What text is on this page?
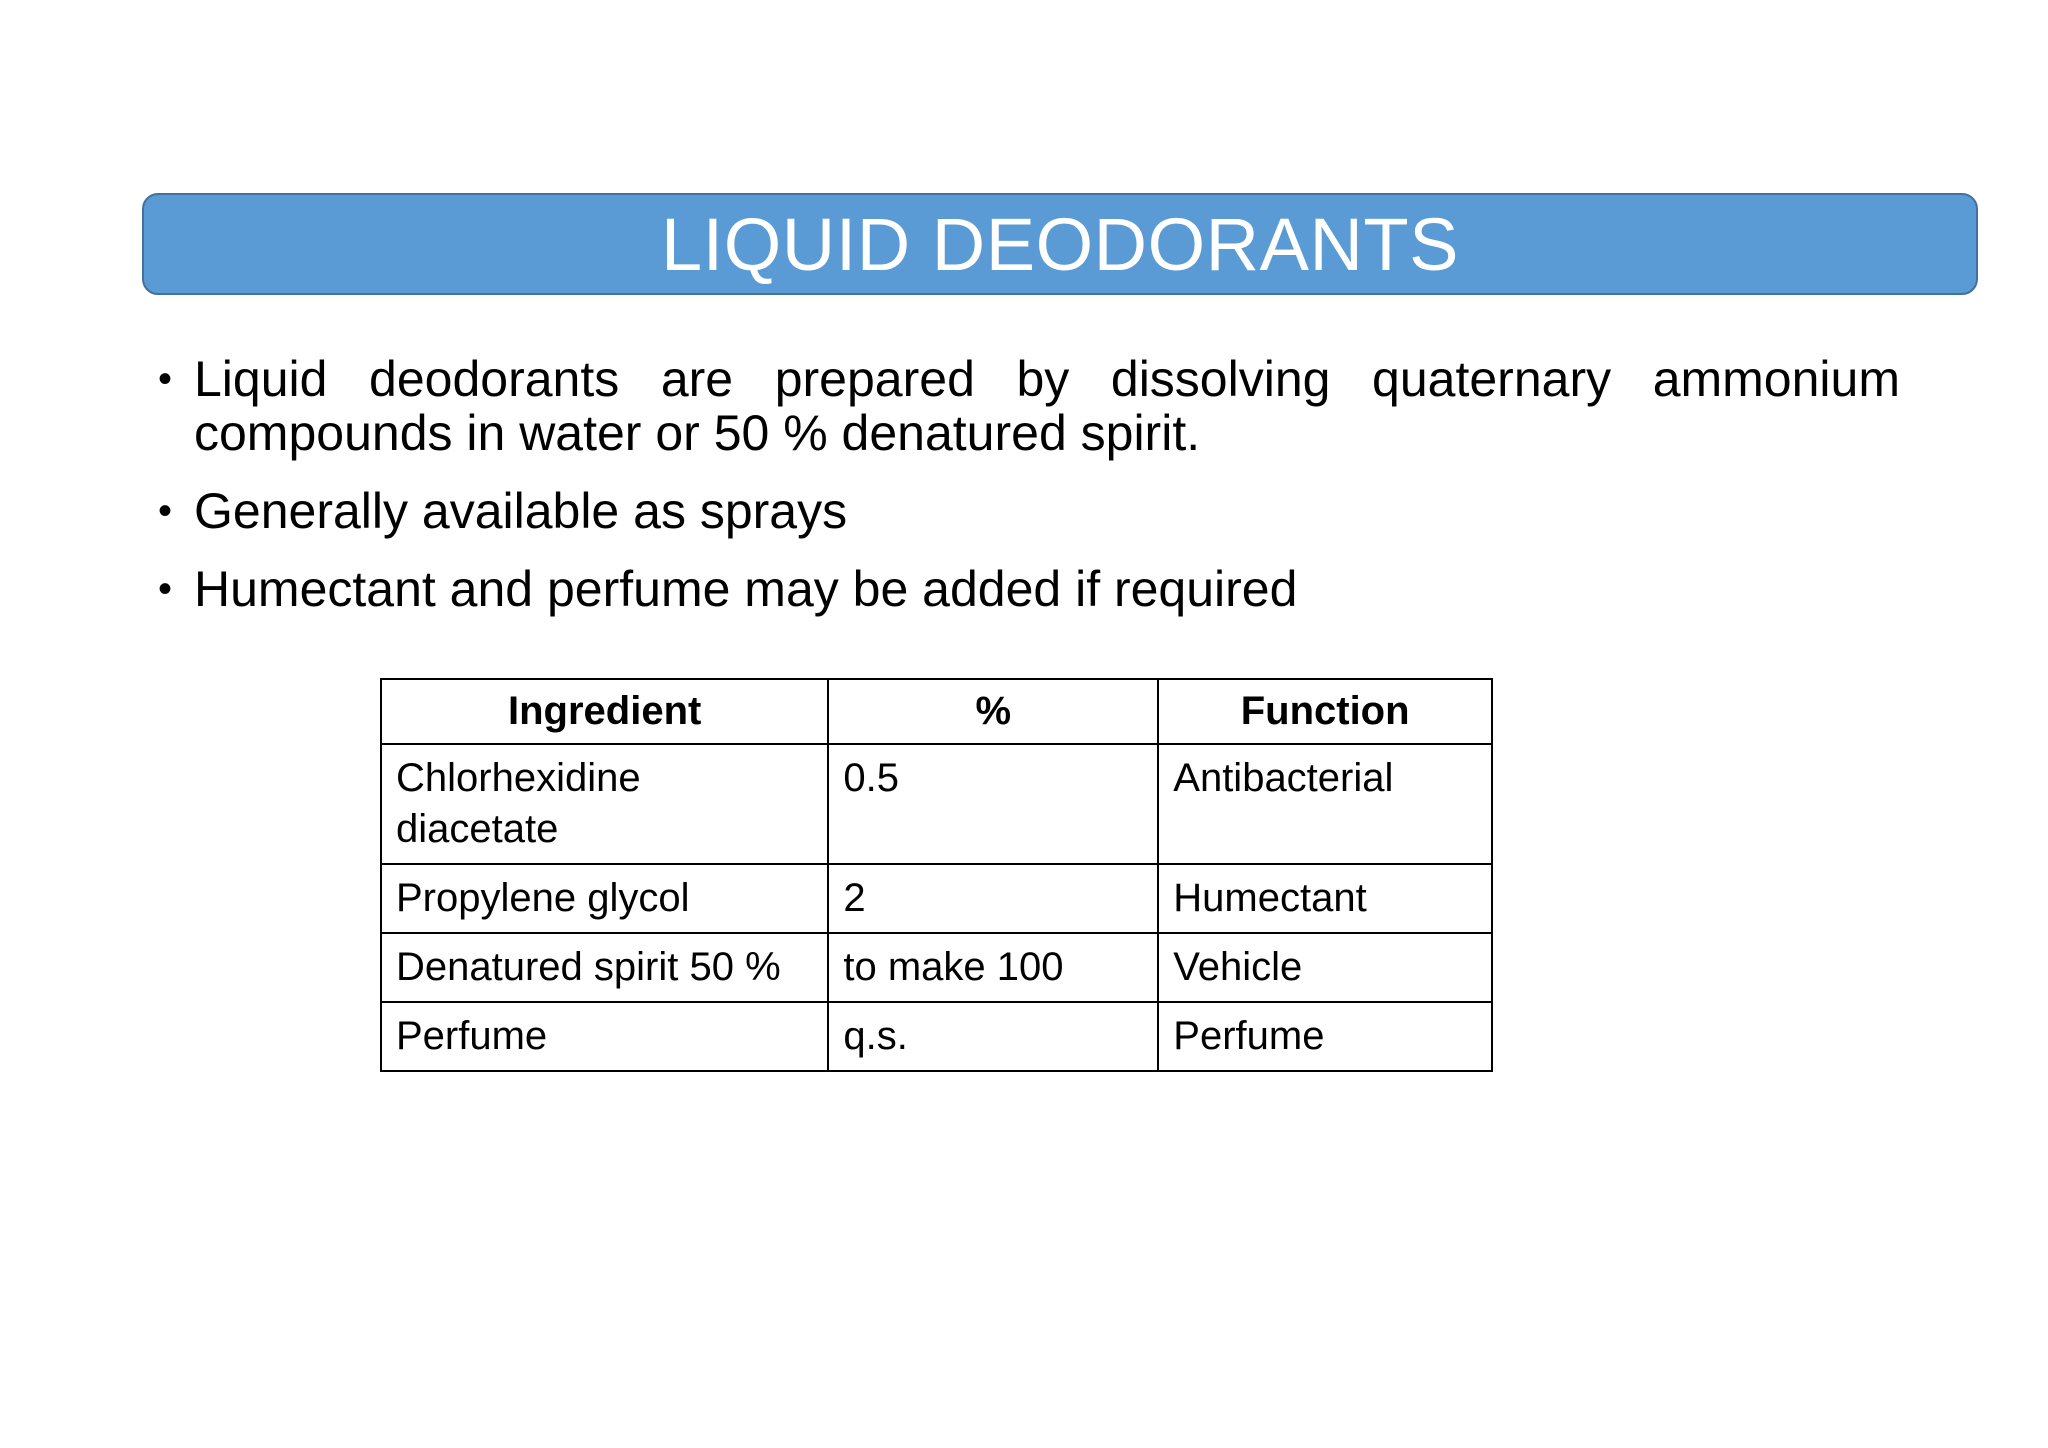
LIQUID DEODORANTS
• Liquid deodorants are prepared by dissolving quaternary ammonium compounds in water or 50 % denatured spirit.
• Generally available as sprays
• Humectant and perfume may be added if required
Ingredient	%	Function
Chlorhexidine diacetate	0.5	Antibacterial
Propylene glycol	2	Humectant
Denatured spirit 50 %	to make 100	Vehicle
Perfume	q.s.	Perfume
